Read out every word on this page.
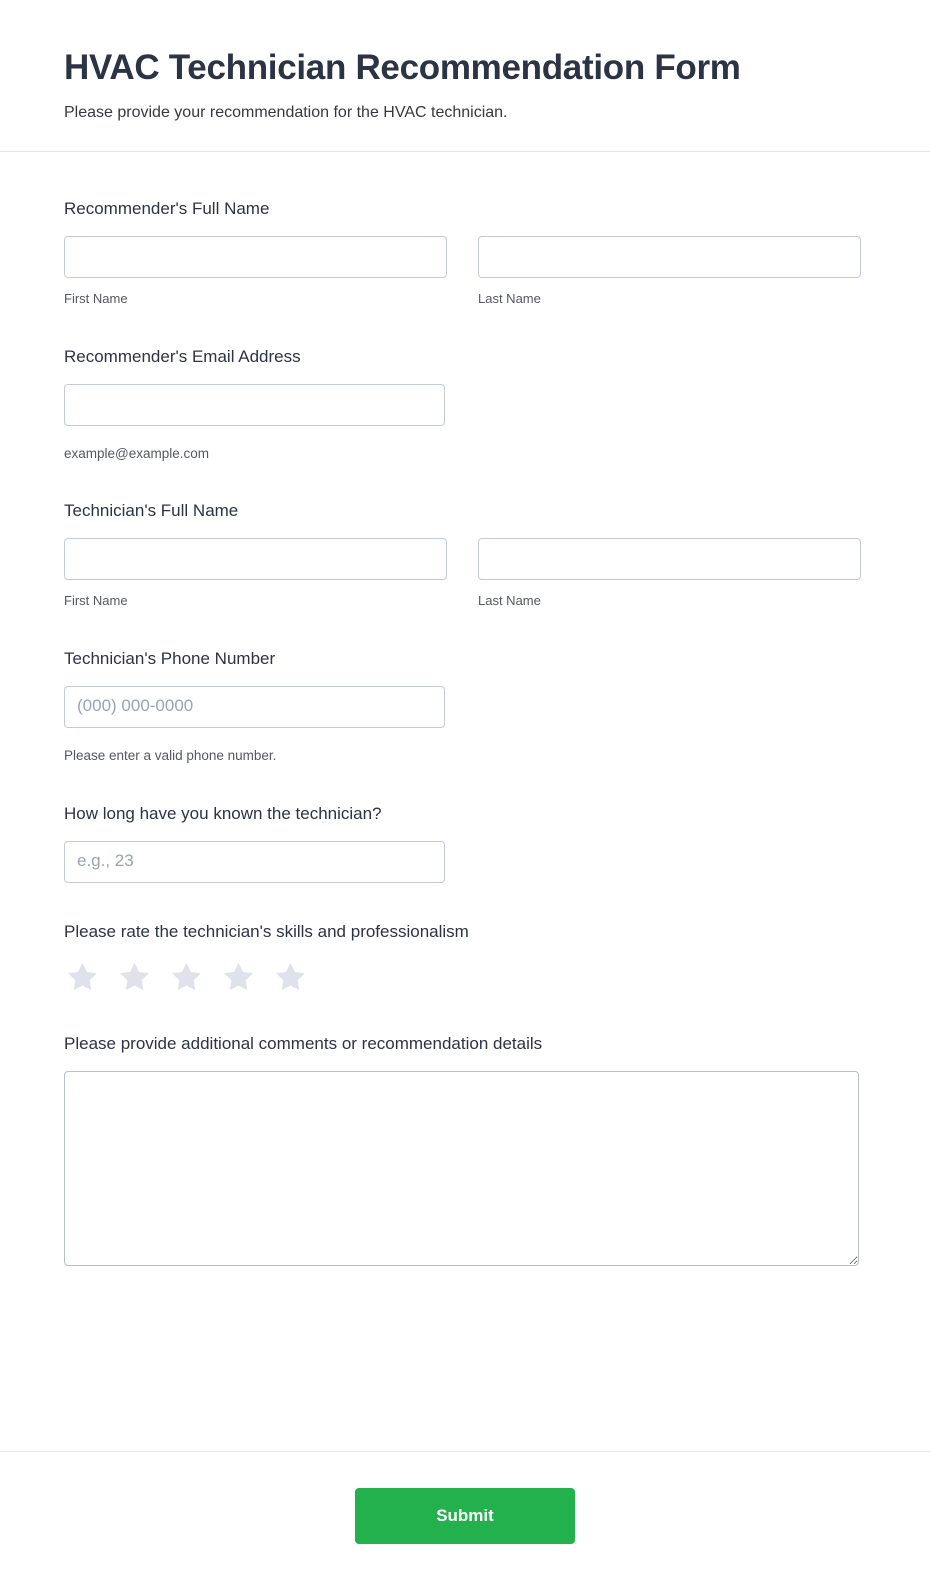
HVAC Technician Recommendation Form

Please provide your recommendation for the HVAC technician.

Recommender's Full Name
First Name	Last Name
Recommender's Email Address
example@example.com
Technician's Full Name
First Name	Last Name
Technician's Phone Number
(000) 000-0000
Please enter a valid phone number.
How long have you known the technician?
e.g., 23
Please rate the technician's skills and professionalism
Please provide additional comments or recommendation details
Submit
